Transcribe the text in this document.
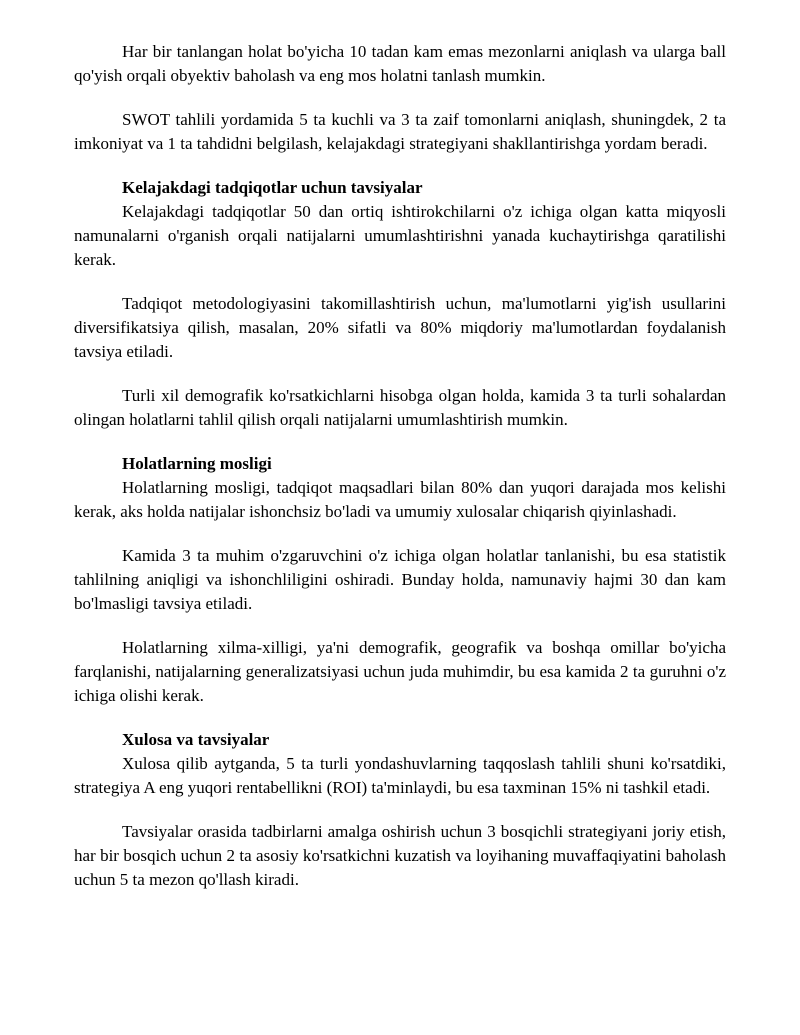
Har bir tanlangan holat bo'yicha 10 tadan kam emas mezonlarni aniqlash va ularga ball qo'yish orqali obyektiv baholash va eng mos holatni tanlash mumkin.

SWOT tahlili yordamida 5 ta kuchli va 3 ta zaif tomonlarni aniqlash, shuningdek, 2 ta imkoniyat va 1 ta tahdidni belgilash, kelajakdagi strategiyani shakllantirishga yordam beradi.

Kelajakdagi tadqiqotlar uchun tavsiyalar

Kelajakdagi tadqiqotlar 50 dan ortiq ishtirokchilarni o'z ichiga olgan katta miqyosli namunalarni o'rganish orqali natijalarni umumlashtirishni yanada kuchaytirishga qaratilishi kerak.

Tadqiqot metodologiyasini takomillashtirish uchun, ma'lumotlarni yig'ish usullarini diversifikatsiya qilish, masalan, 20% sifatli va 80% miqdoriy ma'lumotlardan foydalanish tavsiya etiladi.

Turli xil demografik ko'rsatkichlarni hisobga olgan holda, kamida 3 ta turli sohalardan olingan holatlarni tahlil qilish orqali natijalarni umumlashtirish mumkin.

Holatlarning mosligi

Holatlarning mosligi, tadqiqot maqsadlari bilan 80% dan yuqori darajada mos kelishi kerak, aks holda natijalar ishonchsiz bo'ladi va umumiy xulosalar chiqarish qiyinlashadi.

Kamida 3 ta muhim o'zgaruvchini o'z ichiga olgan holatlar tanlanishi, bu esa statistik tahlilning aniqligi va ishonchliligini oshiradi. Bunday holda, namunaviy hajmi 30 dan kam bo'lmasligi tavsiya etiladi.

Holatlarning xilma-xilligi, ya'ni demografik, geografik va boshqa omillar bo'yicha farqlanishi, natijalarning generalizatsiyasi uchun juda muhimdir, bu esa kamida 2 ta guruhni o'z ichiga olishi kerak.

Xulosa va tavsiyalar

Xulosa qilib aytganda, 5 ta turli yondashuvlarning taqqoslash tahlili shuni ko'rsatdiki, strategiya A eng yuqori rentabellikni (ROI) ta'minlaydi, bu esa taxminan 15% ni tashkil etadi.

Tavsiyalar orasida tadbirlarni amalga oshirish uchun 3 bosqichli strategiyani joriy etish, har bir bosqich uchun 2 ta asosiy ko'rsatkichni kuzatish va loyihaning muvaffaqiyatini baholash uchun 5 ta mezon qo'llash kiradi.
